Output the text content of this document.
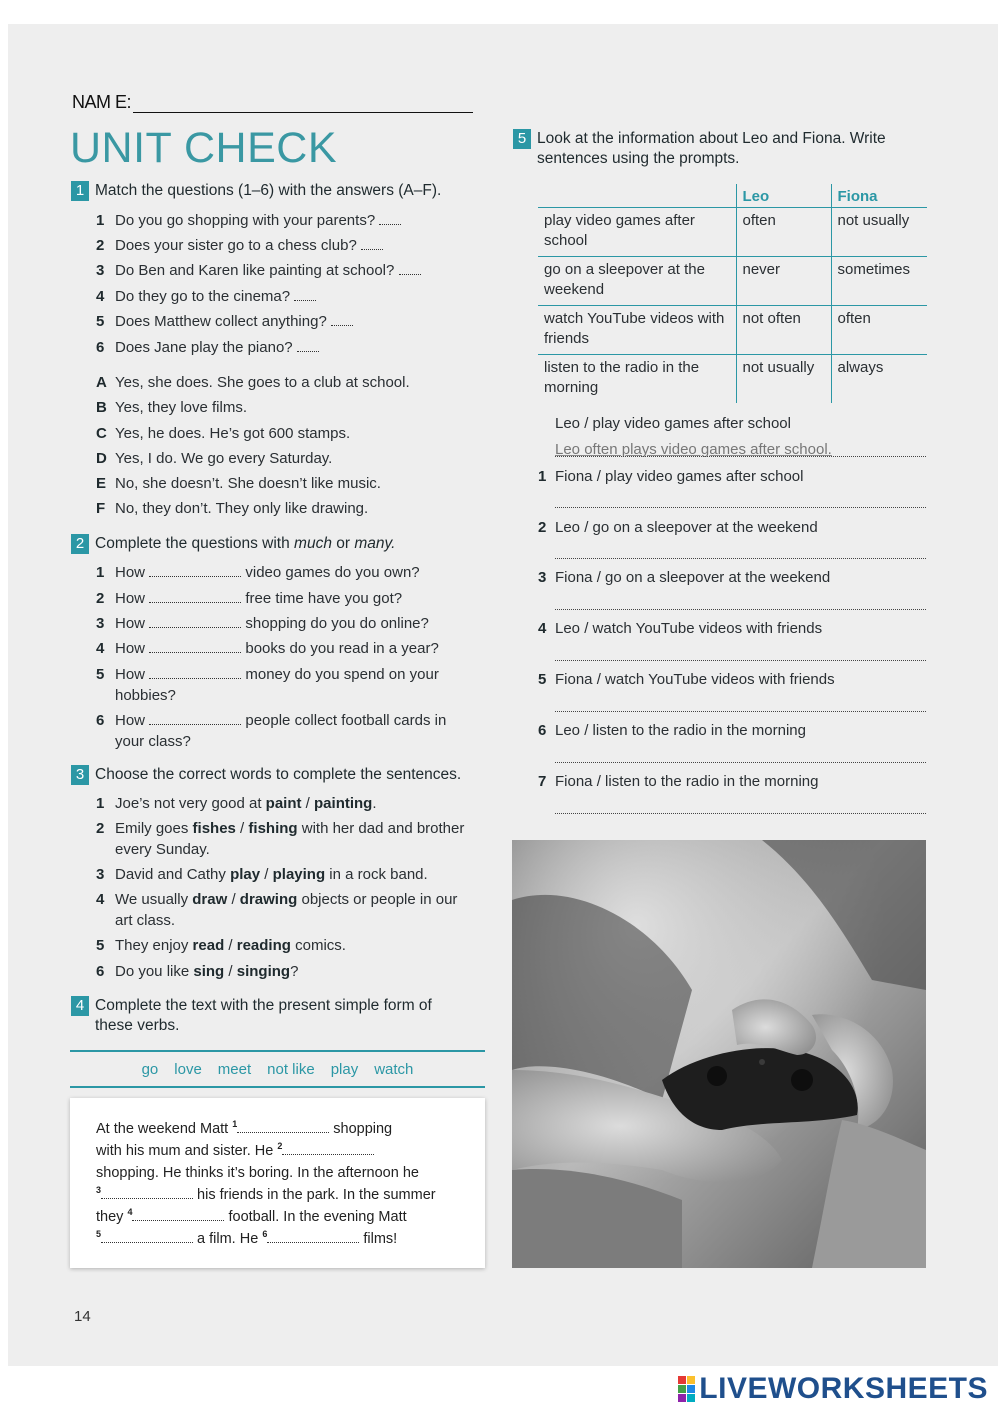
NAM E:
UNIT CHECK
1 Match the questions (1–6) with the answers (A–F).
1 Do you go shopping with your parents?
2 Does your sister go to a chess club?
3 Do Ben and Karen like painting at school?
4 Do they go to the cinema?
5 Does Matthew collect anything?
6 Does Jane play the piano?
A Yes, she does. She goes to a club at school.
B Yes, they love films.
C Yes, he does. He’s got 600 stamps.
D Yes, I do. We go every Saturday.
E No, she doesn’t. She doesn’t like music.
F No, they don’t. They only like drawing.
2 Complete the questions with much or many.
1 How	video games do you own?
2 How	free time have you got?
3 How	shopping do you do online?
4 How	books do you read in a year?
5 How	money do you spend on your
hobbies?
6 How	people collect football cards in
your class?
3 Choose the correct words to complete the sentences.
1 Joe’s not very good at paint / painting.
2 Emily goes fishes / fishing with her dad and brother
every Sunday.
3 David and Cathy play / playing in a rock band.
4 We usually draw / drawing objects or people in our
art class.
5 They enjoy read / reading comics.
6 Do you like sing / singing?
4 Complete the text with the present simple form of
these verbs.
go love meet not like play watch
At the weekend Matt $^1$	shopping
with his mum and sister. He $^2$
shopping. He thinks it’s boring. In the afternoon he
$^3$	his friends in the park. In the summer
they $^4$	football. In the evening Matt
$^5$	a film. He $^6$	films!
5 Look at the information about Leo and Fiona. Write
sentences using the prompts.
	Leo	Fiona
play video games after school	often	not usually
go on a sleepover at the weekend	never	sometimes
watch YouTube videos with friends	not often	often
listen to the radio in the morning	not usually	always
Leo / play video games after school
Leo often plays video games after school.
1 Fiona / play video games after school
2 Leo / go on a sleepover at the weekend
3 Fiona / go on a sleepover at the weekend
4 Leo / watch YouTube videos with friends
5 Fiona / watch YouTube videos with friends
6 Leo / listen to the radio in the morning
7 Fiona / listen to the radio in the morning
14
LIVEWORKSHEETS
